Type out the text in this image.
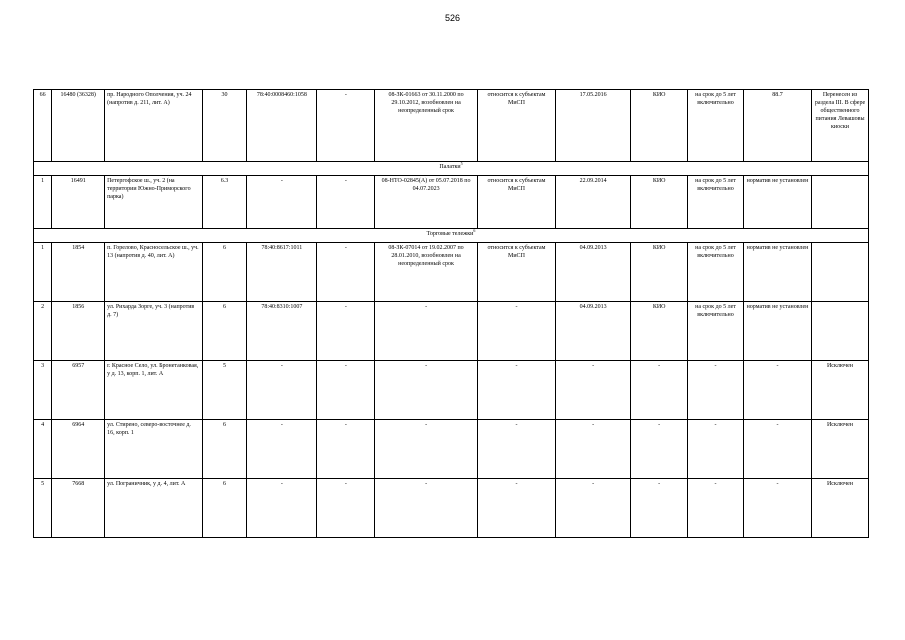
526
66	16480 (36328)	пр. Народного Ополчения, уч. 24 (напротив д. 211, лит. А)	30	78:40:0008460:1058	-	08-ЗК-01663 от 30.11.2000 по 29.10.2012, возобновлен на неопределенный срок	относится к субъектам МиСП	17.05.2016	КИО	на срок до 5 лет включительно	88.7	Перенесен из раздела III. В сфере общественного питания Левашовы киоски
Палатки$^5$
1	16491	Петергофское ш., уч. 2 (на территории Южно-Приморского парка)	6.3	-	-	08-НТО-02845(А) от 05.07.2018 по 04.07.2023	относится к субъектам МиСП	22.09.2014	КИО	на срок до 5 лет включительно	норматив не установлен	
Торговые тележки$^6$
1	1854	п. Горелово, Красносельское ш., уч. 13 (напротив д. 40, лит. А)	6	78:40:8617:1011	-	08-ЗК-07014 от 19.02.2007 по 28.01.2010, возобновлен на неопределенный срок	относится к субъектам МиСП	04.09.2013	КИО	на срок до 5 лет включительно	норматив не установлен	
2	1856	ул. Рихарда Зорге, уч. 3 (напротив д. 7)	6	78:40:8310:1007	-	-	-	04.09.2013	КИО	на срок до 5 лет включительно	норматив не установлен	
3	6957	г. Красное Село, ул. Бронетанковая, у д. 13, корп. 1, лит. А	5	-	-	-	-	-	-	-	-	Исключен
4	6964	ул. Стирено, северо-восточнее д. 16, корп. 1	6	-	-	-	-	-	-	-	-	Исключен
5	7668	ул. Пограничник, у д. 4, лит. А	6	-	-	-	-	-	-	-	-	Исключен
